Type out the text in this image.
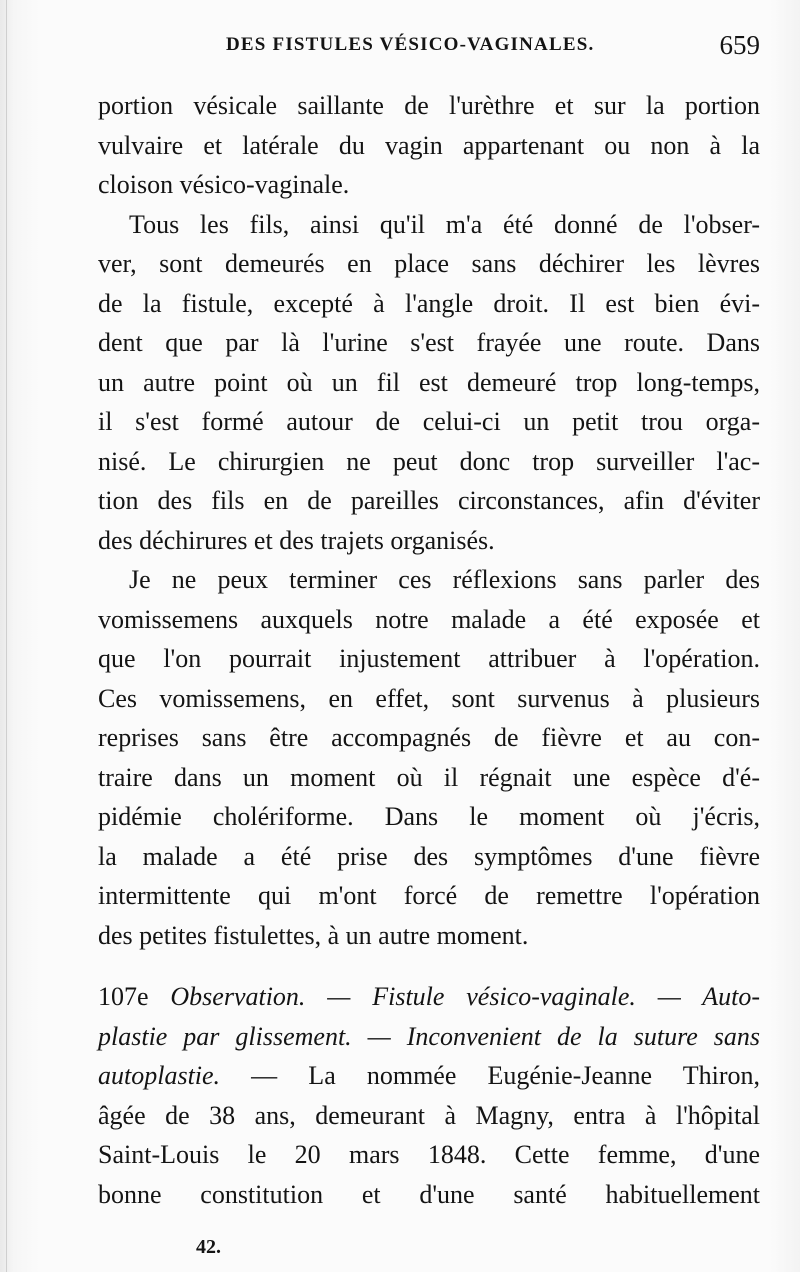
DES FISTULES VÉSICO-VAGINALES.	659
portion vésicale saillante de l'urèthre et sur la portion
vulvaire et latérale du vagin appartenant ou non à la
cloison vésico-vaginale.
Tous les fils, ainsi qu'il m'a été donné de l'obser-
ver, sont demeurés en place sans déchirer les lèvres
de la fistule, excepté à l'angle droit. Il est bien évi-
dent que par là l'urine s'est frayée une route. Dans
un autre point où un fil est demeuré trop long-temps,
il s'est formé autour de celui-ci un petit trou orga-
nisé. Le chirurgien ne peut donc trop surveiller l'ac-
tion des fils en de pareilles circonstances, afin d'éviter
des déchirures et des trajets organisés.
Je ne peux terminer ces réflexions sans parler des
vomissemens auxquels notre malade a été exposée et
que l'on pourrait injustement attribuer à l'opération.
Ces vomissemens, en effet, sont survenus à plusieurs
reprises sans être accompagnés de fièvre et au con-
traire dans un moment où il régnait une espèce d'é-
pidémie cholériforme. Dans le moment où j'écris,
la malade a été prise des symptômes d'une fièvre
intermittente qui m'ont forcé de remettre l'opération
des petites fistulettes, à un autre moment.
107e Observation. — Fistule vésico-vaginale. — Auto-
plastie par glissement. — Inconvenient de la suture sans
autoplastie. — La nommée Eugénie-Jeanne Thiron,
âgée de 38 ans, demeurant à Magny, entra à l'hôpital
Saint-Louis le 20 mars 1848. Cette femme, d'une
bonne constitution et d'une santé habituellement
42.
